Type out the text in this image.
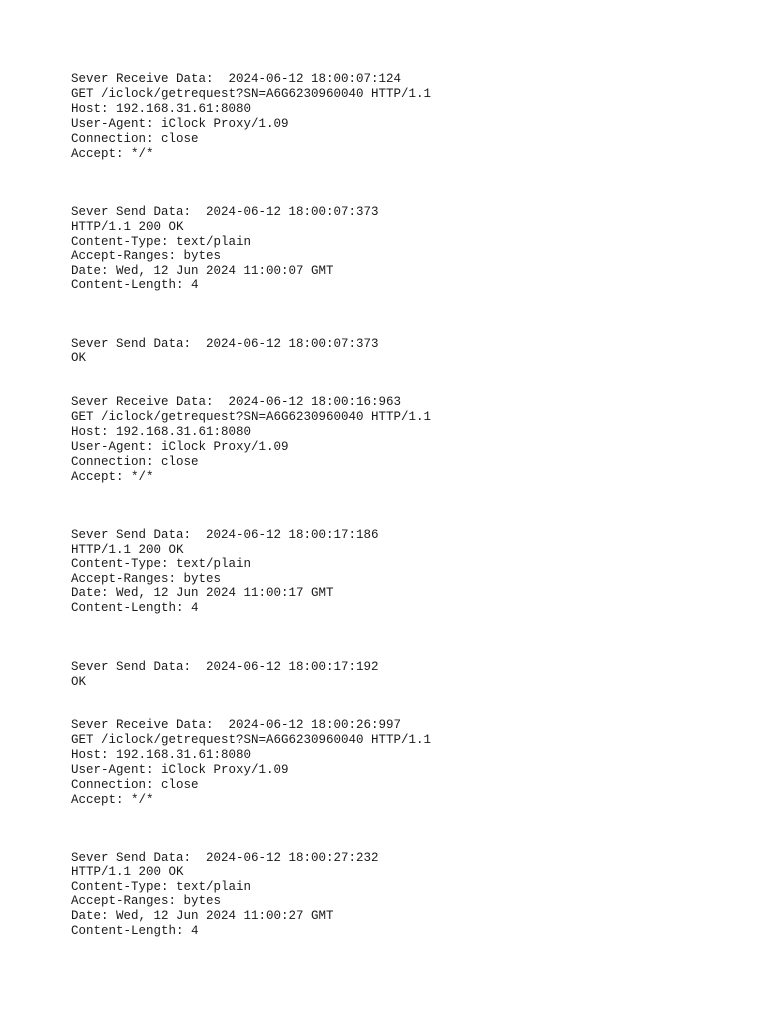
Sever Receive Data:  2024-06-12 18:00:07:124
GET /iclock/getrequest?SN=A6G6230960040 HTTP/1.1
Host: 192.168.31.61:8080
User-Agent: iClock Proxy/1.09
Connection: close
Accept: */*
Sever Send Data:  2024-06-12 18:00:07:373
HTTP/1.1 200 OK
Content-Type: text/plain
Accept-Ranges: bytes
Date: Wed, 12 Jun 2024 11:00:07 GMT
Content-Length: 4
Sever Send Data:  2024-06-12 18:00:07:373
OK
Sever Receive Data:  2024-06-12 18:00:16:963
GET /iclock/getrequest?SN=A6G6230960040 HTTP/1.1
Host: 192.168.31.61:8080
User-Agent: iClock Proxy/1.09
Connection: close
Accept: */*
Sever Send Data:  2024-06-12 18:00:17:186
HTTP/1.1 200 OK
Content-Type: text/plain
Accept-Ranges: bytes
Date: Wed, 12 Jun 2024 11:00:17 GMT
Content-Length: 4
Sever Send Data:  2024-06-12 18:00:17:192
OK
Sever Receive Data:  2024-06-12 18:00:26:997
GET /iclock/getrequest?SN=A6G6230960040 HTTP/1.1
Host: 192.168.31.61:8080
User-Agent: iClock Proxy/1.09
Connection: close
Accept: */*
Sever Send Data:  2024-06-12 18:00:27:232
HTTP/1.1 200 OK
Content-Type: text/plain
Accept-Ranges: bytes
Date: Wed, 12 Jun 2024 11:00:27 GMT
Content-Length: 4
